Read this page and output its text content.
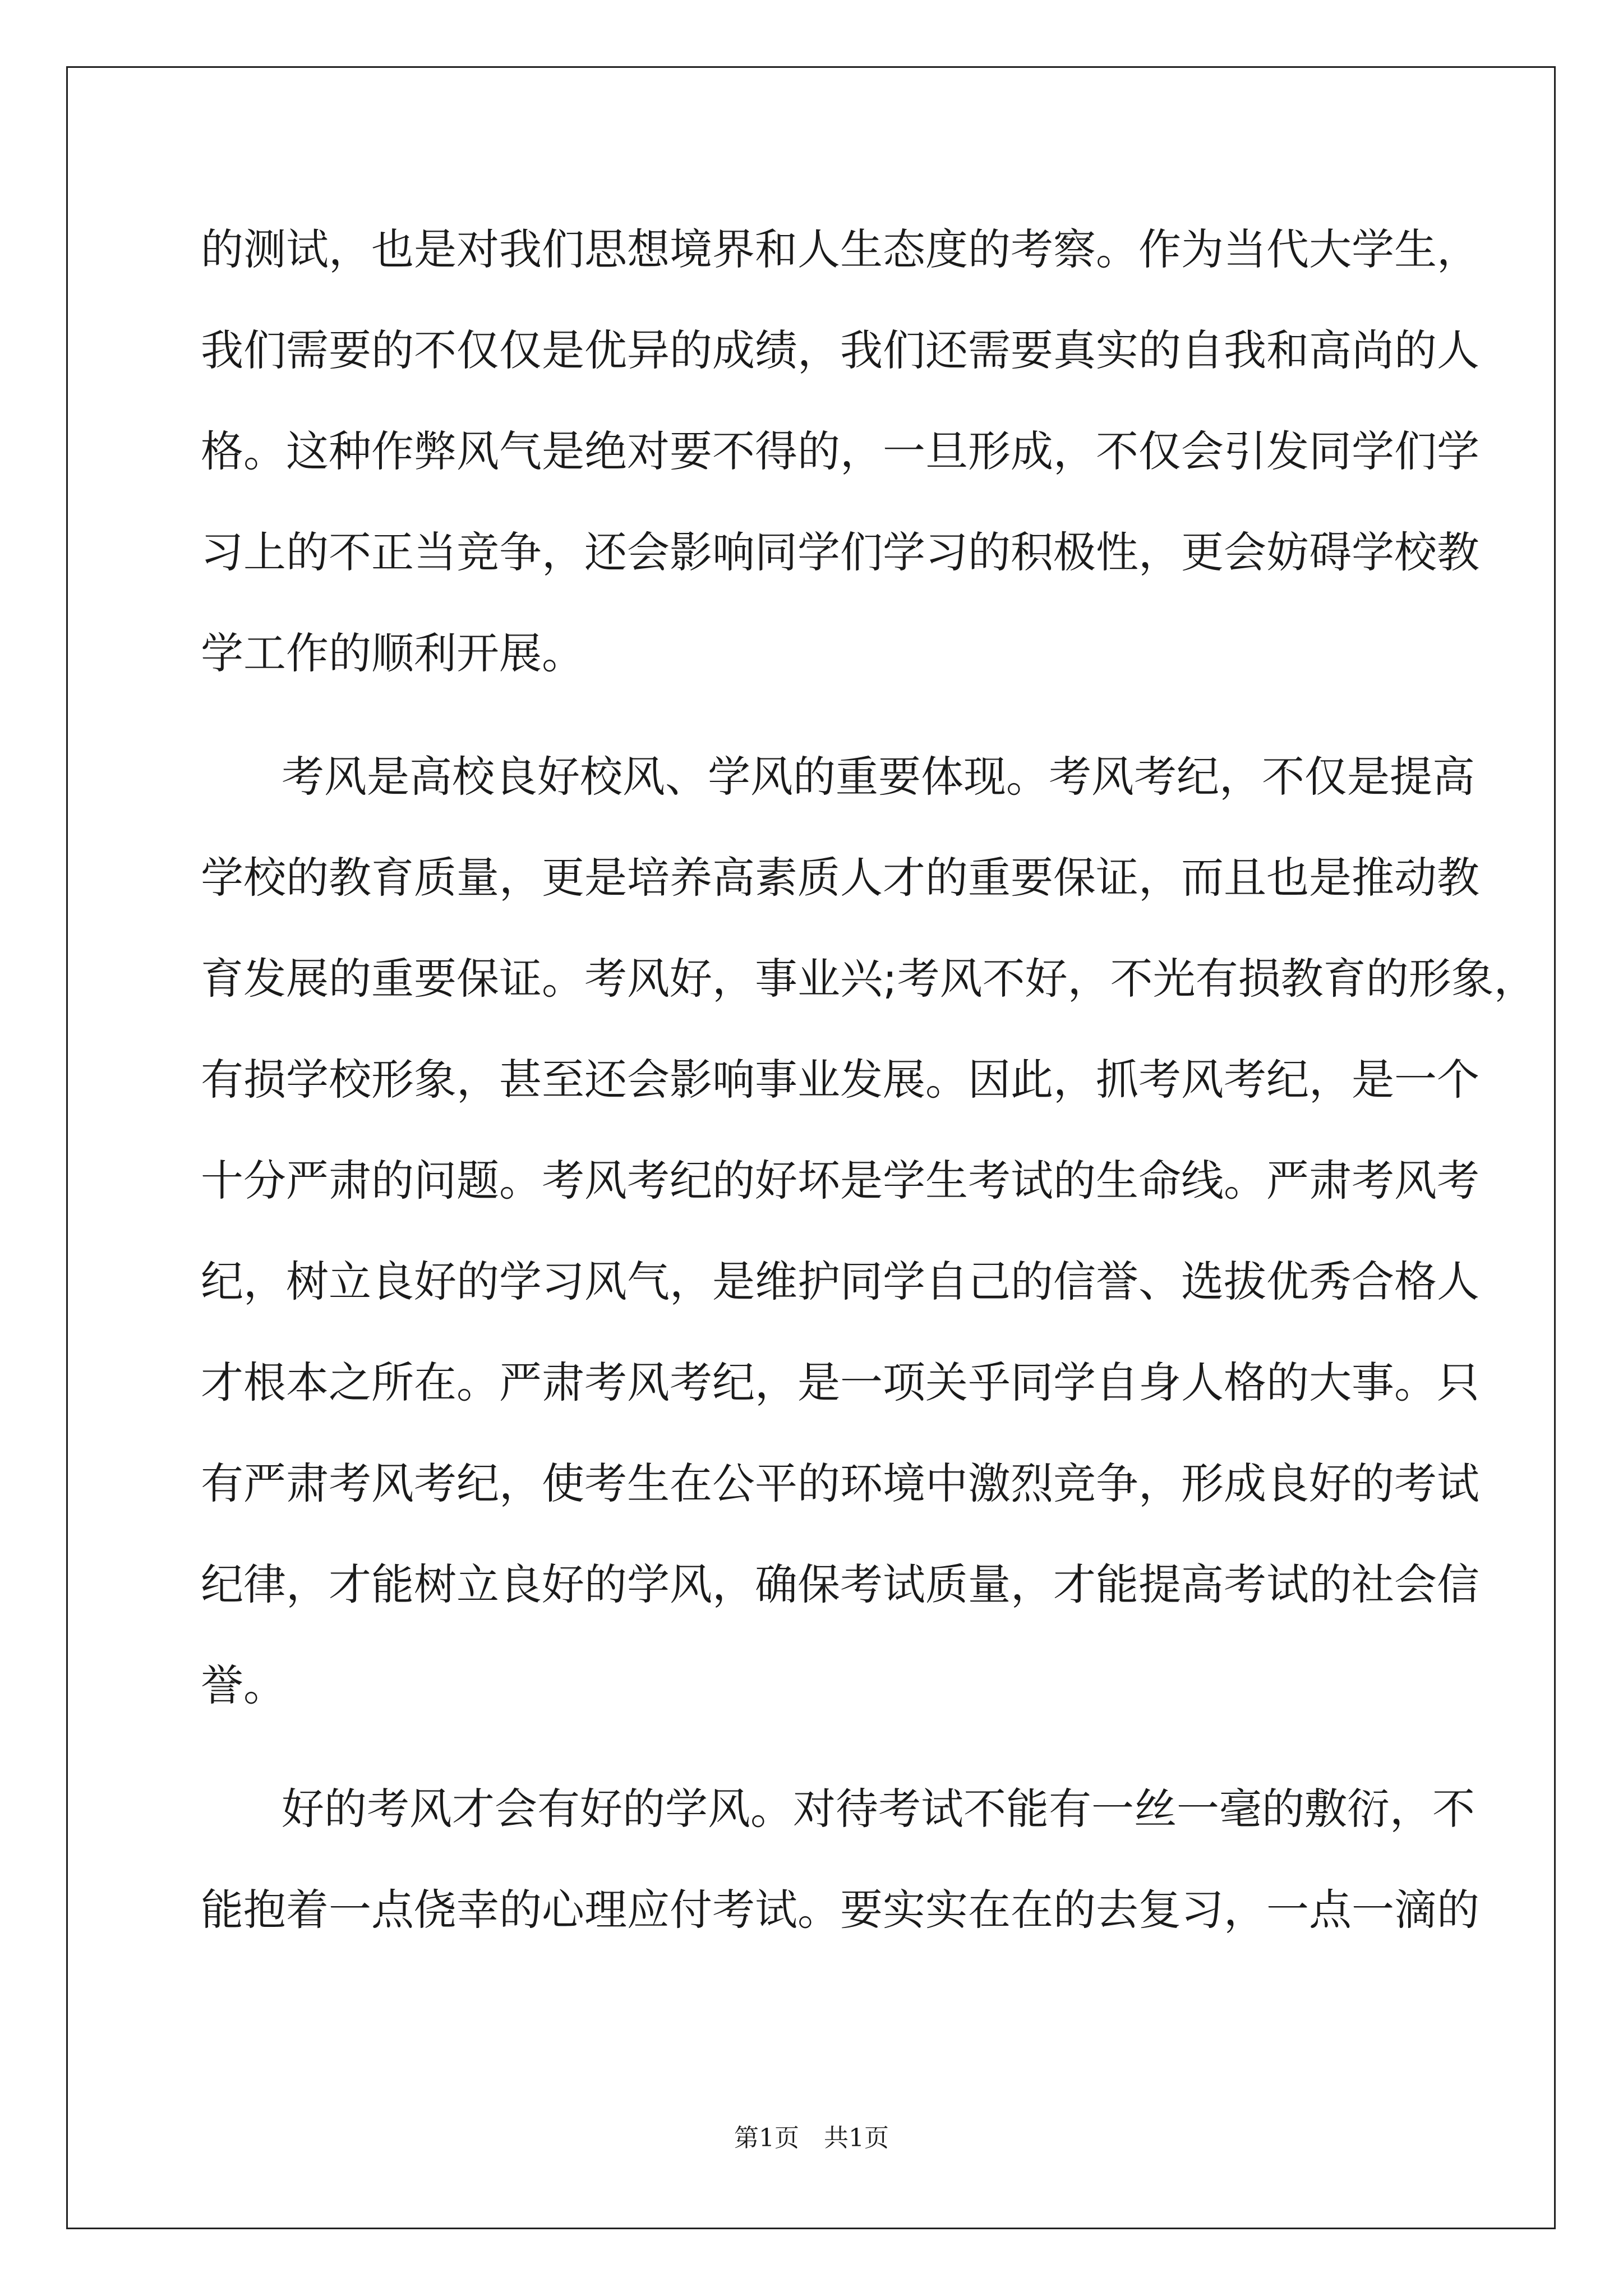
的测试，也是对我们思想境界和人生态度的考察。作为当代大学生，
我们需要的不仅仅是优异的成绩，我们还需要真实的自我和高尚的人
格。这种作弊风气是绝对要不得的，一旦形成，不仅会引发同学们学
习上的不正当竞争，还会影响同学们学习的积极性，更会妨碍学校教
学工作的顺利开展。
考风是高校良好校风、学风的重要体现。考风考纪，不仅是提高
学校的教育质量，更是培养高素质人才的重要保证，而且也是推动教
育发展的重要保证。考风好，事业兴;考风不好，不光有损教育的形象，
有损学校形象，甚至还会影响事业发展。因此，抓考风考纪，是一个
十分严肃的问题。考风考纪的好坏是学生考试的生命线。严肃考风考
纪，树立良好的学习风气，是维护同学自己的信誉、选拔优秀合格人
才根本之所在。严肃考风考纪，是一项关乎同学自身人格的大事。只
有严肃考风考纪，使考生在公平的环境中激烈竞争，形成良好的考试
纪律，才能树立良好的学风，确保考试质量，才能提高考试的社会信
誉。
好的考风才会有好的学风。对待考试不能有一丝一毫的敷衍，不
能抱着一点侥幸的心理应付考试。要实实在在的去复习，一点一滴的
第1页　共1页
